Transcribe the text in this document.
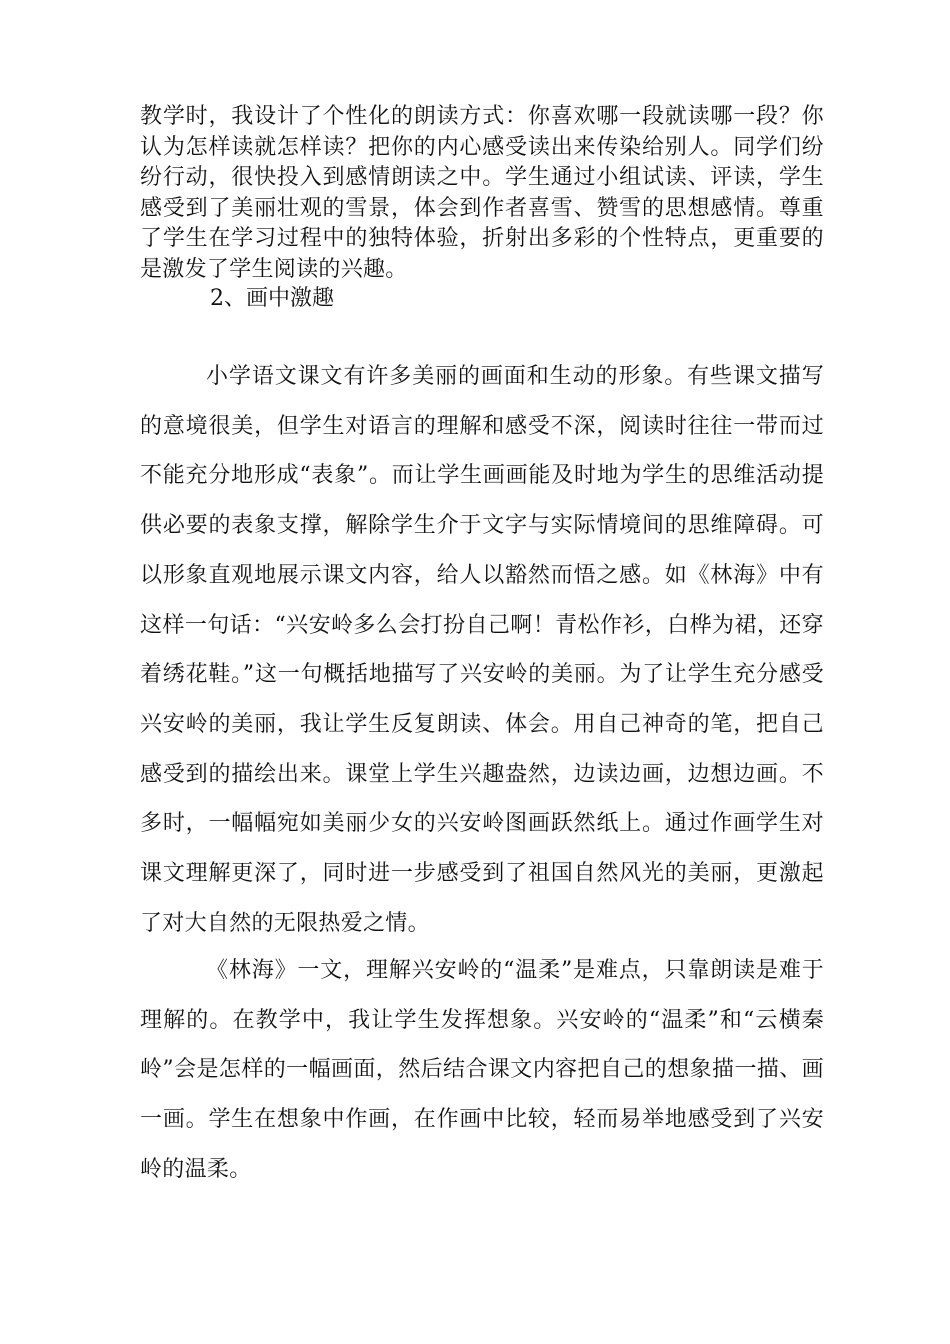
教学时，我设计了个性化的朗读方式：你喜欢哪一段就读哪一段？你认为怎样读就怎样读？把你的内心感受读出来传染给别人。同学们纷纷行动，很快投入到感情朗读之中。学生通过小组试读、评读，学生感受到了美丽壮观的雪景，体会到作者喜雪、赞雪的思想感情。尊重了学生在学习过程中的独特体验，折射出多彩的个性特点，更重要的是激发了学生阅读的兴趣。

2、画中激趣

小学语文课文有许多美丽的画面和生动的形象。有些课文描写的意境很美，但学生对语言的理解和感受不深，阅读时往往一带而过不能充分地形成“表象”。而让学生画画能及时地为学生的思维活动提供必要的表象支撑，解除学生介于文字与实际情境间的思维障碍。可以形象直观地展示课文内容，给人以豁然而悟之感。如《林海》中有这样一句话：“兴安岭多么会打扮自己啊！青松作衫，白桦为裙，还穿着绣花鞋。”这一句概括地描写了兴安岭的美丽。为了让学生充分感受兴安岭的美丽，我让学生反复朗读、体会。用自己神奇的笔，把自己感受到的描绘出来。课堂上学生兴趣盎然，边读边画，边想边画。不多时，一幅幅宛如美丽少女的兴安岭图画跃然纸上。通过作画学生对课文理解更深了，同时进一步感受到了祖国自然风光的美丽，更激起了对大自然的无限热爱之情。

《林海》一文，理解兴安岭的“温柔”是难点，只靠朗读是难于理解的。在教学中，我让学生发挥想象。兴安岭的“温柔”和“云横秦岭”会是怎样的一幅画面，然后结合课文内容把自己的想象描一描、画一画。学生在想象中作画，在作画中比较，轻而易举地感受到了兴安岭的温柔。
